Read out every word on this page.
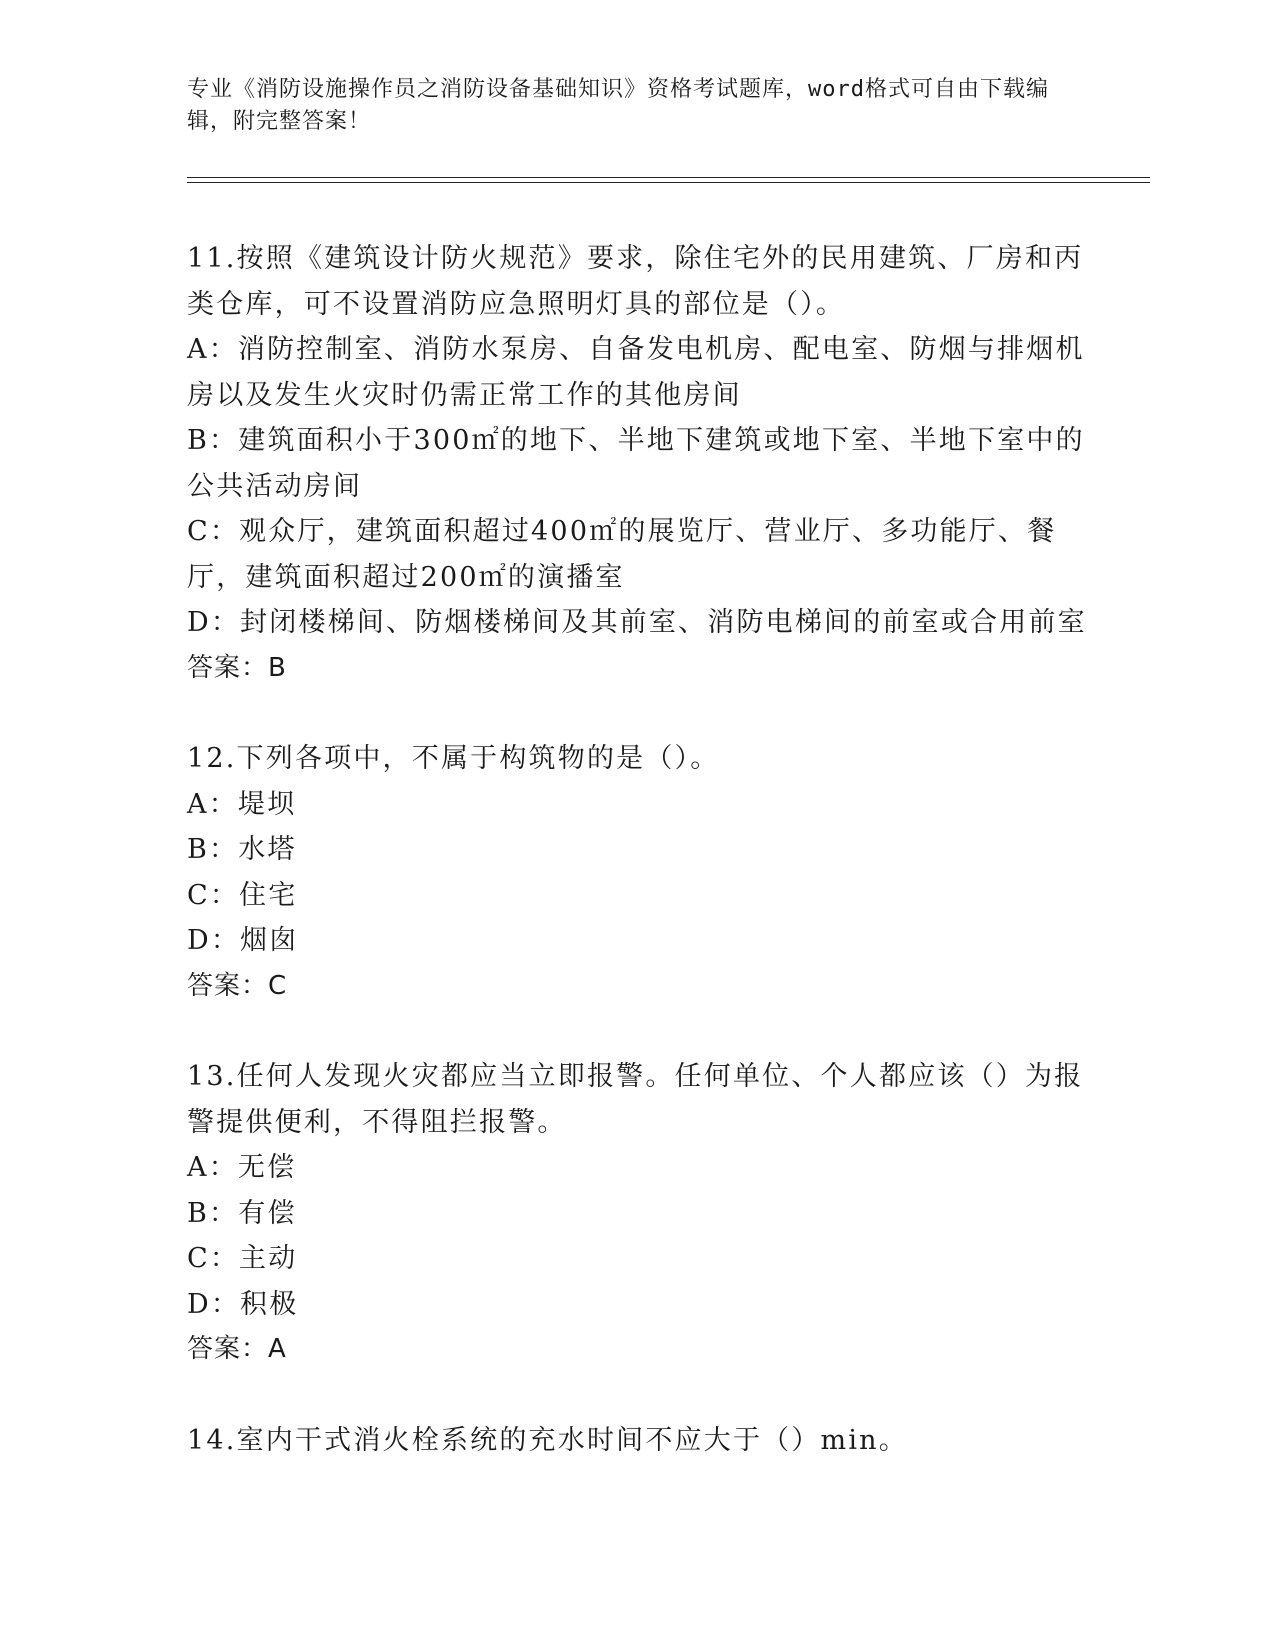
专业《消防设施操作员之消防设备基础知识》资格考试题库，word格式可自由下载编辑，附完整答案！

11.按照《建筑设计防火规范》要求，除住宅外的民用建筑、厂房和丙类仓库，可不设置消防应急照明灯具的部位是（）。

A：消防控制室、消防水泵房、自备发电机房、配电室、防烟与排烟机房以及发生火灾时仍需正常工作的其他房间

B：建筑面积小于300㎡的地下、半地下建筑或地下室、半地下室中的公共活动房间

C：观众厅，建筑面积超过400㎡的展览厅、营业厅、多功能厅、餐厅，建筑面积超过200㎡的演播室

D：封闭楼梯间、防烟楼梯间及其前室、消防电梯间的前室或合用前室

答案：B

12.下列各项中，不属于构筑物的是（）。

A：堤坝

B：水塔

C：住宅

D：烟囱

答案：C

13.任何人发现火灾都应当立即报警。任何单位、个人都应该（）为报警提供便利，不得阻拦报警。

A：无偿

B：有偿

C：主动

D：积极

答案：A

14.室内干式消火栓系统的充水时间不应大于（）min。
